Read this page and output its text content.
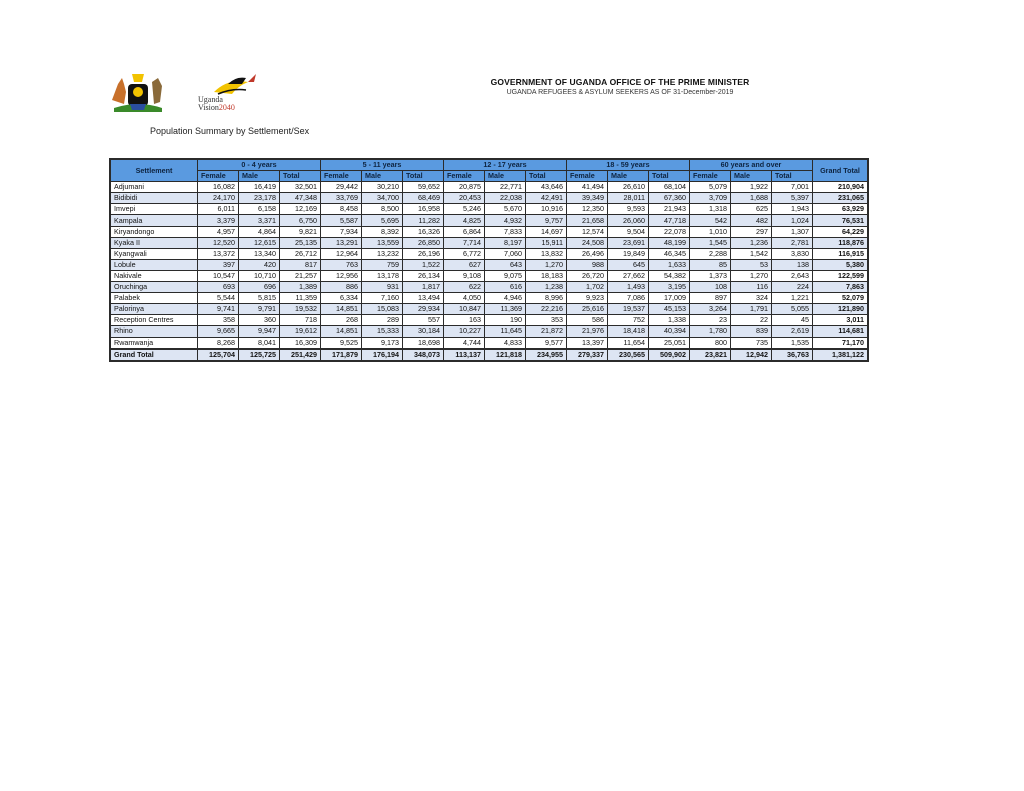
Uganda
Vision2040
GOVERNMENT OF UGANDA OFFICE OF THE PRIME MINISTER
UGANDA REFUGEES & ASYLUM SEEKERS AS OF 31-December-2019
Population Summary by Settlement/Sex
Settlement	0 - 4 years			5 - 11 years			12 - 17 years			18 - 59 years			60 years and over			Grand Total
	Female	Male	Total	Female	Male	Total	Female	Male	Total	Female	Male	Total	Female	Male	Total	
Adjumani	16,082	16,419	32,501	29,442	30,210	59,652	20,875	22,771	43,646	41,494	26,610	68,104	5,079	1,922	7,001	210,904
Bidibidi	24,170	23,178	47,348	33,769	34,700	68,469	20,453	22,038	42,491	39,349	28,011	67,360	3,709	1,688	5,397	231,065
Imvepi	6,011	6,158	12,169	8,458	8,500	16,958	5,246	5,670	10,916	12,350	9,593	21,943	1,318	625	1,943	63,929
Kampala	3,379	3,371	6,750	5,587	5,695	11,282	4,825	4,932	9,757	21,658	26,060	47,718	542	482	1,024	76,531
Kiryandongo	4,957	4,864	9,821	7,934	8,392	16,326	6,864	7,833	14,697	12,574	9,504	22,078	1,010	297	1,307	64,229
Kyaka II	12,520	12,615	25,135	13,291	13,559	26,850	7,714	8,197	15,911	24,508	23,691	48,199	1,545	1,236	2,781	118,876
Kyangwali	13,372	13,340	26,712	12,964	13,232	26,196	6,772	7,060	13,832	26,496	19,849	46,345	2,288	1,542	3,830	116,915
Lobule	397	420	817	763	759	1,522	627	643	1,270	988	645	1,633	85	53	138	5,380
Nakivale	10,547	10,710	21,257	12,956	13,178	26,134	9,108	9,075	18,183	26,720	27,662	54,382	1,373	1,270	2,643	122,599
Oruchinga	693	696	1,389	886	931	1,817	622	616	1,238	1,702	1,493	3,195	108	116	224	7,863
Palabek	5,544	5,815	11,359	6,334	7,160	13,494	4,050	4,946	8,996	9,923	7,086	17,009	897	324	1,221	52,079
Palorinya	9,741	9,791	19,532	14,851	15,083	29,934	10,847	11,369	22,216	25,616	19,537	45,153	3,264	1,791	5,055	121,890
Reception Centres	358	360	718	268	289	557	163	190	353	586	752	1,338	23	22	45	3,011
Rhino	9,665	9,947	19,612	14,851	15,333	30,184	10,227	11,645	21,872	21,976	18,418	40,394	1,780	839	2,619	114,681
Rwamwanja	8,268	8,041	16,309	9,525	9,173	18,698	4,744	4,833	9,577	13,397	11,654	25,051	800	735	1,535	71,170
Grand Total	125,704	125,725	251,429	171,879	176,194	348,073	113,137	121,818	234,955	279,337	230,565	509,902	23,821	12,942	36,763	1,381,122
